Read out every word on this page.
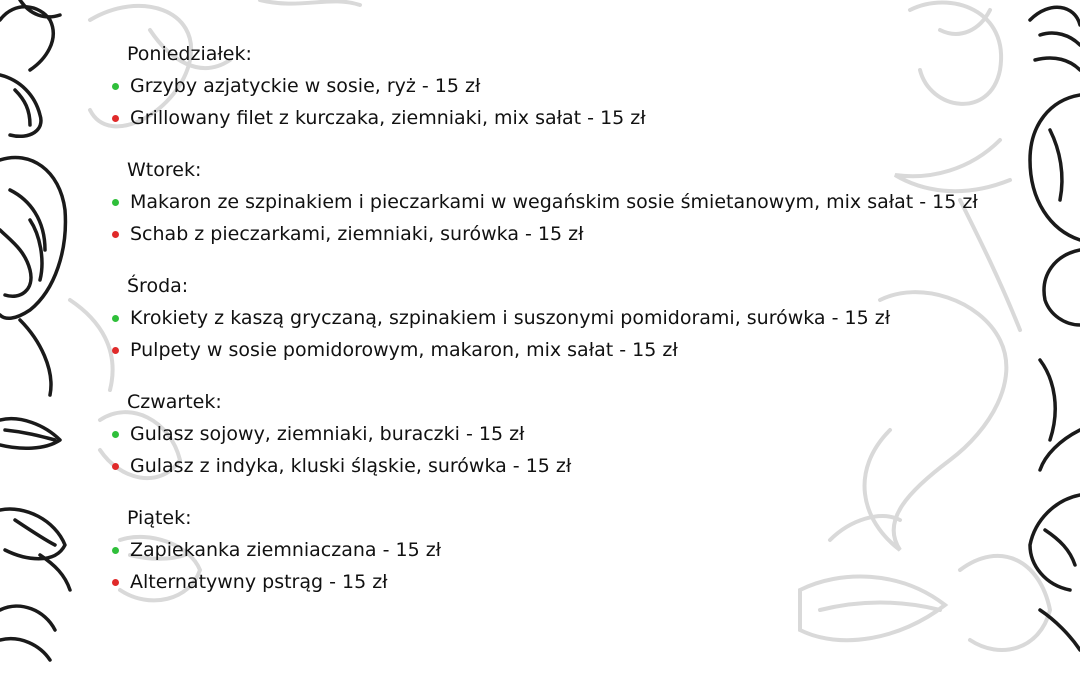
Poniedziałek:
Grzyby azjatyckie w sosie, ryż - 15 zł
Grillowany filet z kurczaka, ziemniaki, mix sałat - 15 zł
Wtorek:
Makaron ze szpinakiem i pieczarkami w wegańskim sosie śmietanowym, mix sałat - 15 zł
Schab z pieczarkami, ziemniaki, surówka - 15 zł
Środa:
Krokiety z kaszą gryczaną, szpinakiem i suszonymi pomidorami, surówka - 15 zł
Pulpety w sosie pomidorowym, makaron, mix sałat - 15 zł
Czwartek:
Gulasz sojowy, ziemniaki, buraczki - 15 zł
Gulasz z indyka, kluski śląskie, surówka - 15 zł
Piątek:
Zapiekanka ziemniaczana - 15 zł
Alternatywny pstrąg - 15 zł
